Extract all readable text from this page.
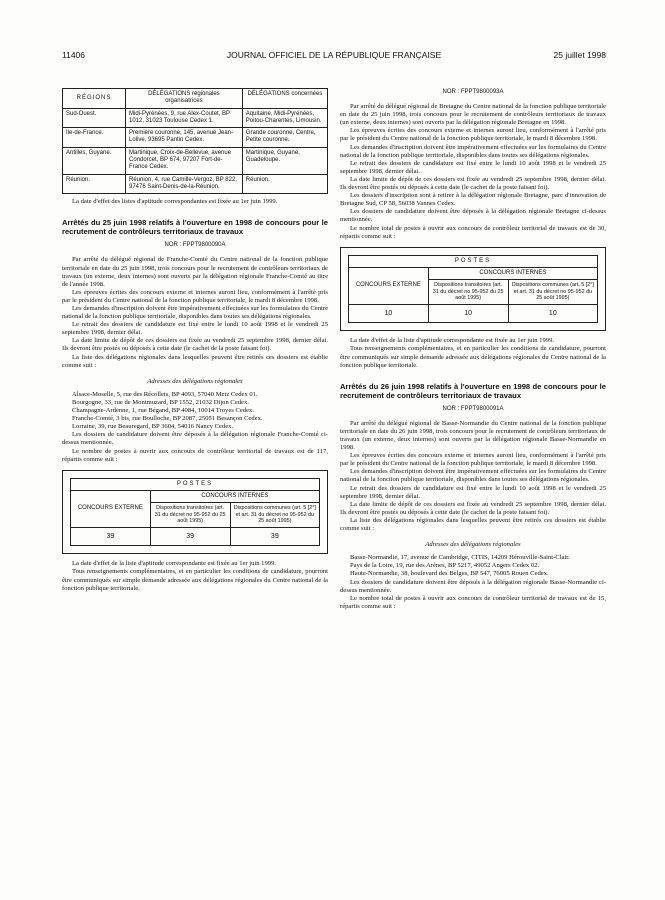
11406	JOURNAL OFFICIEL DE LA RÉPUBLIQUE FRANÇAISE	25 juillet 1998
RÉGIONS	DÉLÉGATIONS régionales organisatrices	DÉLÉGATIONS concernées
Sud-Ouest.	Midi-Pyrénées, 9, rue Alex-Coutet, BP 1012, 31023 Toulouse Cedex 1.	Aquitaine, Midi-Pyrénées, Poitou-Charentes, Limousin.
Ile-de-France.	Première couronne, 145, avenue Jean-Lolive, 93695 Pantin Cedex.	Grande couronne, Centre, Petite couronne.
Antilles, Guyane.	Martinique, Croix-de-Bellevue, avenue Condorcet, BP 674, 97207 Fort-de-France Cedex.	Martinique, Guyane, Guadeloupe.
Réunion.	Réunion, 4, rue Camille-Vergoz, BP 822, 97476 Saint-Denis-de-la-Réunion.	Réunion.

La date d'effet des listes d'aptitude correspondantes est fixée au 1er juin 1999.

Arrêtés du 25 juin 1998 relatifs à l'ouverture en 1998 de concours pour le recrutement de contrôleurs territoriaux de travaux

NOR : FPPT9800090A

Par arrêté du délégué régional de Franche-Comté du Centre national de la fonction publique territoriale en date du 25 juin 1998, trois concours pour le recrutement de contrôleurs territoriaux de travaux (un externe, deux internes) sont ouverts par la délégation régionale Franche-Comté au titre de l'année 1998.

Les épreuves écrites des concours externe et internes auront lieu, conformément à l'arrêté pris par le président du Centre national de la fonction publique territoriale, le mardi 8 décembre 1998.

Les demandes d'inscription doivent être impérativement effectuées sur les formulaires du Centre national de la fonction publique territoriale, disponibles dans toutes ses délégations régionales.

Le retrait des dossiers de candidature est fixé entre le lundi 10 août 1998 et le vendredi 25 septembre 1998, dernier délai.

La date limite de dépôt de ces dossiers est fixée au vendredi 25 septembre 1998, dernier délai. Ils devront être postés ou déposés à cette date (le cachet de la poste faisant foi).

La liste des délégations régionales dans lesquelles peuvent être retirés ces dossiers est établie comme suit :

Adresses des délégations régionales

Alsace-Moselle, 5, rue des Récollets, BP 4093, 57040 Metz Cedex 01.

Bourgogne, 33, rue de Montmuzard, BP 1552, 21032 Dijon Cedex.

Champagne-Ardenne, 1, rue Bégand, BP 4084, 10014 Troyes Cedex.

Franche-Comté, 3 bis, rue Boulloche, BP 2087, 25051 Besançon Cedex.

Lorraine, 39, rue Beauregard, BP 3604, 54016 Nancy Cedex.

Les dossiers de candidature doivent être déposés à la délégation régionale Franche-Comté ci-dessus mentionnée.

Le nombre de postes à ouvrir aux concours de contrôleur territorial de travaux est de 117, répartis comme suit :

POSTES		
CONCOURS EXTERNE	CONCOURS INTERNES	
	Dispositions transitoires (art. 31 du décret no 95-952 du 25 août 1995)	Dispositions communes (art. 5 [2°] et art. 31 du décret no 95-952 du 25 août 1995)
39	39	39

La date d'effet de la liste d'aptitude correspondante est fixée au 1er juin 1999.

Tous renseignements complémentaires, et en particulier les conditions de candidature, pourront être communiqués sur simple demande adressée aux délégations régionales du Centre national de la fonction publique territoriale.

NOR : FPPT9800093A

Par arrêté du délégué régional de Bretagne du Centre national de la fonction publique territoriale en date du 25 juin 1998, trois concours pour le recrutement de contrôleurs territoriaux de travaux (un externe, deux internes) sont ouverts par la délégation régionale Bretagne en 1998.

Les épreuves écrites des concours externe et internes auront lieu, conformément à l'arrêté pris par le président du Centre national de la fonction publique territoriale, le mardi 8 décembre 1998.

Les demandes d'inscription doivent être impérativement effectuées sur les formulaires du Centre national de la fonction publique territoriale, disponibles dans toutes ses délégations régionales.

Le retrait des dossiers de candidature est fixé entre le lundi 10 août 1998 et le vendredi 25 septembre 1998, dernier délai.

La date limite de dépôt de ces dossiers est fixée au vendredi 25 septembre 1998, dernier délai. Ils devront être postés ou déposés à cette date (le cachet de la poste faisant foi).

Les dossiers d'inscription sont à retirer à la délégation régionale Bretagne, parc d'innovation de Bretagne Sud, CP 58, 56038 Vannes Cedex.

Les dossiers de candidature doivent être déposés à la délégation régionale Bretagne ci-dessus mentionnée.

Le nombre total de postes à ouvrir aux concours de contrôleur territorial de travaux est de 30, répartis comme suit :

POSTES		
CONCOURS EXTERNE	CONCOURS INTERNES	
	Dispositions transitoires (art. 31 du décret no 95-952 du 25 août 1995)	Dispositions communes (art. 5 [2°] et art. 31 du décret no 95-952 du 25 août 1995)
10	10	10

La date d'effet de la liste d'aptitude correspondante est fixée au 1er juin 1999.

Tous renseignements complémentaires, et en particulier les conditions de candidature, pourront être communiqués sur simple demande adressée aux délégations régionales du Centre national de la fonction publique territoriale.

Arrêtés du 26 juin 1998 relatifs à l'ouverture en 1998 de concours pour le recrutement de contrôleurs territoriaux de travaux

NOR : FPPT9800091A

Par arrêté du délégué régional de Basse-Normandie du Centre national de la fonction publique territoriale en date du 26 juin 1998, trois concours pour le recrutement de contrôleurs territoriaux de travaux (un externe, deux internes) sont ouverts par la délégation régionale Basse-Normandie en 1998.

Les épreuves écrites des concours externe et internes auront lieu, conformément à l'arrêté pris par le président du Centre national de la fonction publique territoriale, le mardi 8 décembre 1998.

Les demandes d'inscription doivent être impérativement effectuées sur les formulaires du Centre national de la fonction publique territoriale, disponibles dans toutes ses délégations régionales.

Le retrait des dossiers de candidature est fixé entre le lundi 10 août 1998 et le vendredi 25 septembre 1998, dernier délai.

La date limite de dépôt de ces dossiers est fixée au vendredi 25 septembre 1998, dernier délai. Ils devront être postés ou déposés à cette date (le cachet de la poste faisant foi).

La liste des délégations régionales dans lesquelles peuvent être retirés ces dossiers est établie comme suit :

Adresses des délégations régionales

Basse-Normandie, 17, avenue de Cambridge, CITIS, 14209 Hérouville-Saint-Clair.

Pays de la Loire, 19, rue des Arènes, BP 5217, 49052 Angers Cedex 02.

Haute-Normandie, 38, boulevard des Belges, BP 547, 76005 Rouen Cedex.

Les dossiers de candidature doivent être déposés à la délégation régionale Basse-Normandie ci-dessus mentionnée.

Le nombre total de postes à ouvrir aux concours de contrôleur territorial de travaux est de 15, répartis comme suit :
